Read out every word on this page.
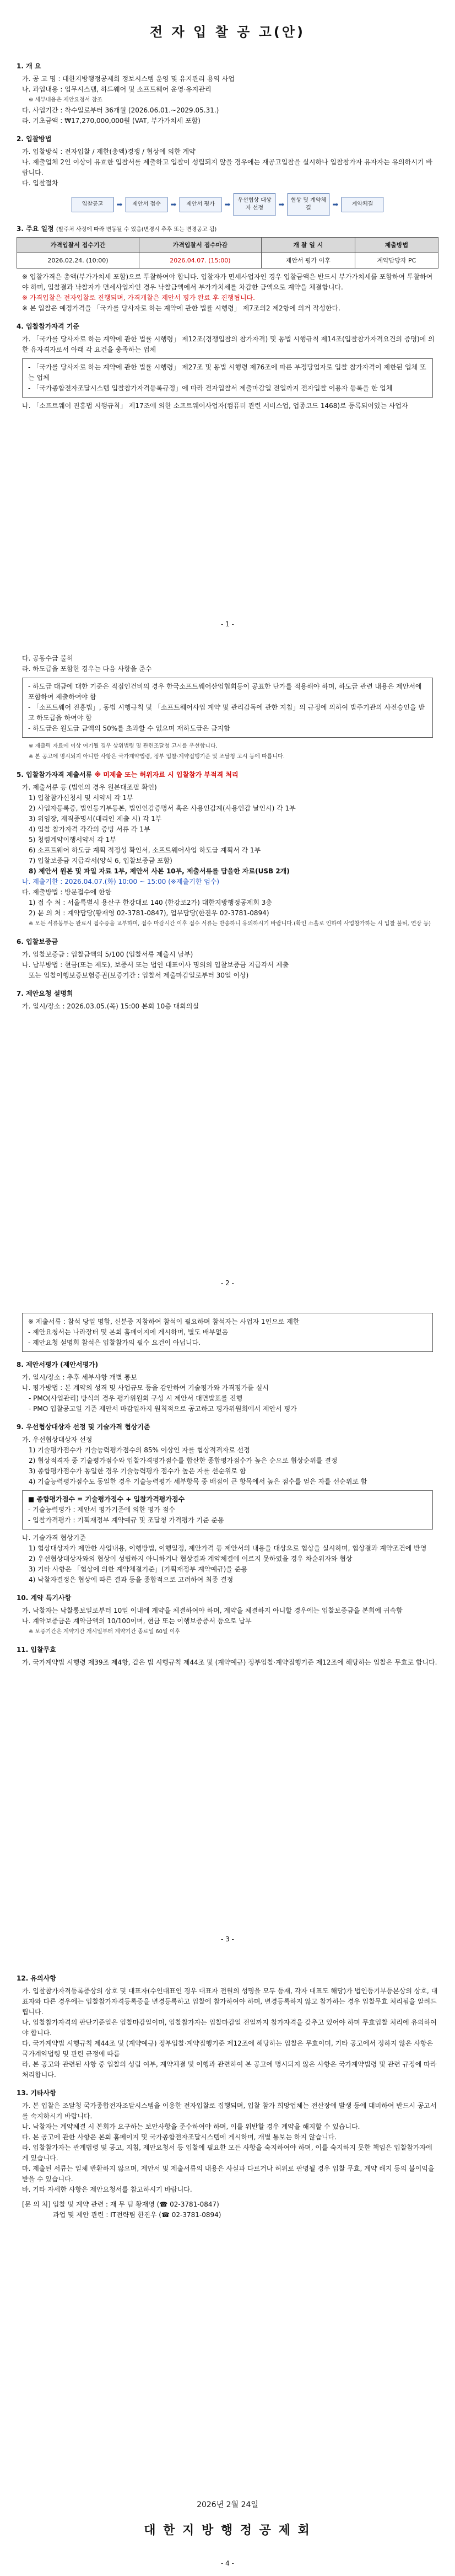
전 자 입 찰 공 고(안)
1. 개 요
가. 공 고 명 : 대한지방행정공제회 정보시스템 운영 및 유지관리 용역 사업
나. 과업내용 : 업무시스템, 하드웨어 및 소프트웨어 운영·유지관리
※ 세부내용은 제안요청서 참조
다. 사업기간 : 착수일로부터 36개월 (2026.06.01.~2029.05.31.)
라. 기초금액 : ₩17,270,000,000원 (VAT, 부가가치세 포함)
2. 입찰방법
가. 입찰방식 : 전자입찰 / 제한(총액)경쟁 / 협상에 의한 계약
나. 제출업체 2인 이상이 유효한 입찰서를 제출하고 입찰이 성립되지 않을 경우에는 재공고입찰을 실시하나 입찰참가자 유자자는 유의하시기 바랍니다.
다. 입찰절차
입찰공고	➡	제안서 접수	➡	제안서 평가	➡	우선협상 대상자 선정	➡	협상 및 계약체결	➡	계약체결
3. 주요 일정 (발주처 사정에 따라 변동될 수 있음(변경시 추후 또는 변경공고 됨)
가격입찰서 접수기간	가격입찰서 접수마감	개 찰 일 시	제출방법
2026.02.24. (10:00)	2026.04.07. (15:00)	제안서 평가 이후	계약담당자 PC
※ 입찰가격은 총액(부가가치세 포함)으로 투찰하여야 합니다. 입찰자가 면세사업자인 경우 입찰금액은 반드시 부가가치세를 포함하여 투찰하여야 하며, 입찰결과 낙찰자가 면세사업자인 경우 낙찰금액에서 부가가치세를 차감한 금액으로 계약을 체결합니다.
※ 가격입찰은 전자입찰로 진행되며, 가격개찰은 제안서 평가 완료 후 진행됩니다.
※ 본 입찰은 예정가격을 「국가를 당사자로 하는 계약에 관한 법률 시행령」 제7조의2 제2항에 의거 작성한다.
4. 입찰참가자격 기준
가. 「국가를 당사자로 하는 계약에 관한 법률 시행령」 제12조(경쟁입찰의 참가자격) 및 동법 시행규칙 제14조(입찰참가자격요건의 증명)에 의한 유자격자로서 아래 각 요건을 충족하는 업체
- 「국가를 당사자로 하는 계약에 관한 법률 시행령」 제27조 및 동법 시행령 제76조에 따른 부정당업자로 입찰 참가자격이 제한된 업체 또는 업체
- 「국가종합전자조달시스템 입찰참가자격등록규정」에 따라 전자입찰서 제출마감일 전일까지 전자입찰 이용자 등록을 한 업체
나. 「소프트웨어 진흥법 시행규칙」 제17조에 의한 소프트웨어사업자(컴퓨터 관련 서비스업, 업종코드 1468)로 등록되어있는 사업자
- 1 -
다. 공동수급 불허
라. 하도급을 포함한 경우는 다음 사항을 준수
- 하도급 대금에 대한 기준은 직접인건비의 경우 한국소프트웨어산업협회등이 공표한 단가를 적용해야 하며, 하도급 관련 내용은 제안서에 포함하여 제출하여야 함
- 「소프트웨어 진흥법」, 동법 시행규칙 및 「소프트웨어사업 계약 및 관리감독에 관한 지침」의 규정에 의하여 발주기관의 사전승인을 받고 하도급을 하여야 함
- 하도급은 원도급 금액의 50%를 초과할 수 없으며 재하도급은 금지함
※ 재출력 자료에 이상 여기될 경우 상위법령 및 관련조달청 고시를 우선합니다.
※ 본 공고에 명시되지 아니한 사항은 국가계약법령, 정부 입찰·계약집행기준 및 조달청 고시 등에 따릅니다.
5. 입찰참가자격 제출서류 ※ 미제출 또는 허위자료 시 입찰참가 부적격 처리
가. 제출서류 등 (법인의 경우 원본대조필 확인)
1) 입찰참가신청서 및 서약서 각 1부
2) 사업자등록증, 법인등기부등본, 법인인감증명서 혹은 사용인감계(사용인감 날인시) 각 1부
3) 위임장, 재직증명서(대리인 제출 시) 각 1부
4) 입찰 참가자격 각각의 증빙 서류 각 1부
5) 청렴계약이행서약서 각 1부
6) 소프트웨어 하도급 계획 적정성 확인서, 소프트웨어사업 하도급 계획서 각 1부
7) 입찰보증금 지급각서(양식 6, 입찰보증금 포함)
8) 제안서 원본 및 파일 자료 1부, 제안서 사본 10부, 제출서류를 담을한 자료(USB 2개)
나. 제출기한 : 2026.04.07.(화) 10:00 ~ 15:00 (※제출기한 엄수)
다. 제출방법 : 방문접수에 한함
1) 접 수 처 : 서울특별시 용산구 한강대로 140 (한강로2가) 대한지방행정공제회 3층
2) 문 의 처 : 계약담당(황재영 02-3781-0847), 업무담당(한진우 02-3781-0894)
※ 모든 서류봉투는 완료시 접수증을 교부하며, 접수 마감시간 이후 접수 서류는 반송하니 유의하시기 바랍니다.(확인 소홀로 인하여 사업참가하는 시 입찰 불허, 연장 등)
6. 입찰보증금
가. 입찰보증금 : 입찰금액의 5/100 (입찰서류 제출시 납부)
나. 납부방법 : 현금(또는 제도), 보증서 또는 법인 대표이사 명의의 입찰보증금 지급각서 제출
또는 입찰이행보증보험증권(보증기간 : 입찰서 제출마감일로부터 30일 이상)
7. 제안요청 설명회
가. 일시/장소 : 2026.03.05.(목) 15:00 본회 10층 대회의실
- 2 -
※ 제출서류 : 참석 당일 명함, 신분증 지참하여 참석이 필요하며 참석자는 사업자 1인으로 제한
- 제안요청서는 나라장터 및 본회 홈페이지에 게시하며, 별도 배부없음
- 제안요청 설명회 참석은 입찰참가의 필수 요건이 아닙니다.
8. 제안서평가 (제안서평가)
가. 일시/장소 : 추후 세부사항 개별 통보
나. 평가방법 : 본 계약의 성격 및 사업규모 등을 감안하여 기술평가와 가격평가를 실시
- PMO(사업관리) 방식의 경우 평가위원회 구성 시 제안서 대면발표를 진행
- PMO 입찰공고일 기준 제안서 마감일까지 원칙적으로 공고하고 평가위원회에서 제안서 평가
9. 우선협상대상자 선정 및 기술가격 협상기준
가. 우선협상대상자 선정
1) 기술평가점수가 기술능력평가점수의 85% 이상인 자를 협상적격자로 선정
2) 협상적격자 중 기술평가점수와 입찰가격평가점수를 합산한 종합평가점수가 높은 순으로 협상순위를 결정
3) 종합평가점수가 동일한 경우 기술능력평가 점수가 높은 자를 선순위로 함
4) 기술능력평가점수도 동일한 경우 기술능력평가 세부항목 중 배점이 큰 항목에서 높은 점수를 얻은 자를 선순위로 함
■ 종합평가점수 = 기술평가점수 + 입찰가격평가점수
- 기술능력평가 : 제안서 평가기준에 의한 평가 점수
- 입찰가격평가 : 기획재정부 계약예규 및 조달청 가격평가 기준 준용
나. 기술가격 협상기준
1) 협상대상자가 제안한 사업내용, 이행방법, 이행일정, 제안가격 등 제안서의 내용을 대상으로 협상을 실시하며, 협상결과 계약조건에 반영
2) 우선협상대상자와의 협상이 성립하지 아니하거나 협상결과 계약체결에 이르지 못하였을 경우 차순위자와 협상
3) 기타 사항은 「협상에 의한 계약체결기준」(기획재정부 계약예규)을 준용
4) 낙찰자결정은 협상에 따른 결과 등을 종합적으로 고려하여 최종 결정
10. 계약 특기사항
가. 낙찰자는 낙찰통보일로부터 10일 이내에 계약을 체결하여야 하며, 계약을 체결하지 아니할 경우에는 입찰보증금을 본회에 귀속함
나. 계약보증금은 계약금액의 10/100이며, 현금 또는 이행보증증서 등으로 납부
※ 보증기간은 계약기간 개시일부터 계약기간 종료일 60일 이후
11. 입찰무효
가. 국가계약법 시행령 제39조 제4항, 같은 법 시행규칙 제44조 및 (계약예규) 정부입찰·계약집행기준 제12조에 해당하는 입찰은 무효로 합니다.
- 3 -
12. 유의사항
가. 입찰참가자격등록증상의 상호 및 대표자(수인대표인 경우 대표자 전원의 성명을 모두 등재, 각자 대표도 해당)가 법인등기부등본상의 상호, 대표자와 다른 경우에는 입찰참가자격등록증을 변경등록하고 입찰에 참가하여야 하며, 변경등록하지 않고 참가하는 경우 입찰무효 처리됨을 알려드립니다.
나. 입찰참가자격의 판단기준일은 입찰마감일이며, 입찰참가자는 입찰마감일 전일까지 참가자격을 갖추고 있어야 하며 무효입찰 처리에 유의하여야 합니다.
다. 국가계약법 시행규칙 제44조 및 (계약예규) 정부입찰·계약집행기준 제12조에 해당하는 입찰은 무효이며, 기타 공고에서 정하지 않은 사항은 국가계약법령 및 관련 규정에 따름
라. 본 공고와 관련된 사항 중 입찰의 성립 여부, 계약체결 및 이행과 관련하여 본 공고에 명시되지 않은 사항은 국가계약법령 및 관련 규정에 따라 처리합니다.
13. 기타사항
가. 본 입찰은 조달청 국가종합전자조달시스템을 이용한 전자입찰로 집행되며, 입찰 참가 희망업체는 전산장애 발생 등에 대비하여 반드시 공고서를 숙지하시기 바랍니다.
나. 낙찰자는 계약체결 시 본회가 요구하는 보안사항을 준수하여야 하며, 이를 위반할 경우 계약을 해지할 수 있습니다.
다. 본 공고에 관한 사항은 본회 홈페이지 및 국가종합전자조달시스템에 게시하며, 개별 통보는 하지 않습니다.
라. 입찰참가자는 관계법령 및 공고, 지침, 제안요청서 등 입찰에 필요한 모든 사항을 숙지하여야 하며, 이를 숙지하지 못한 책임은 입찰참가자에게 있습니다.
마. 제출된 서류는 일체 반환하지 않으며, 제안서 및 제출서류의 내용은 사실과 다르거나 허위로 판명될 경우 입찰 무효, 계약 해지 등의 불이익을 받을 수 있습니다.
바. 기타 자세한 사항은 제안요청서를 참고하시기 바랍니다.
[문 의 처] 입찰 및 계약 관련 : 재 무 팀 황재영 (☎ 02-3781-0847)
과업 및 제안 관련 : IT전략팀 한진우 (☎ 02-3781-0894)
2026년 2월 24일
대 한 지 방 행 정 공 제 회
- 4 -
